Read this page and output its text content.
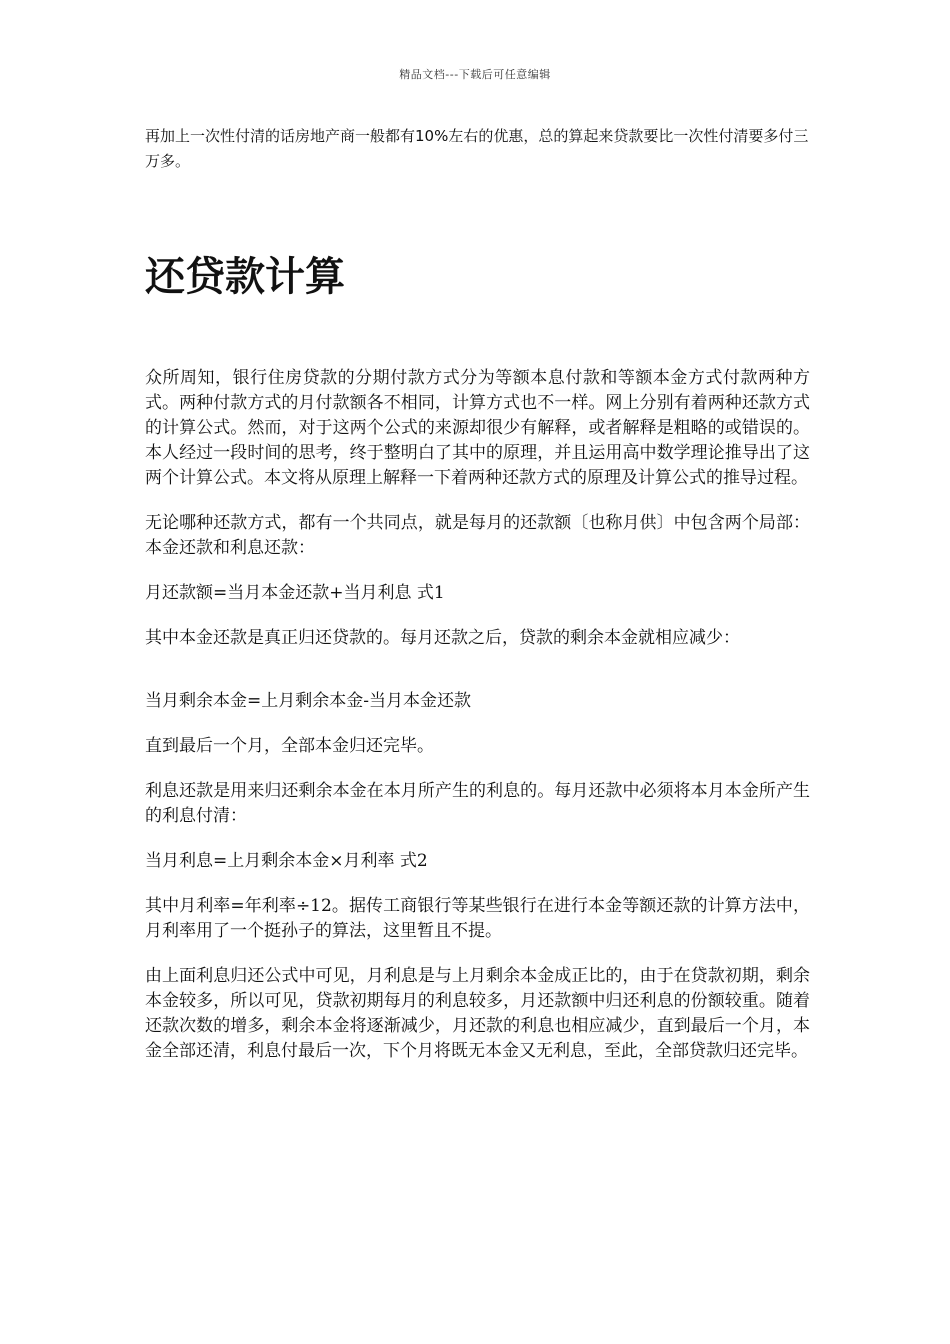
精品文档---下载后可任意编辑

再加上一次性付清的话房地产商一般都有10%左右的优惠，总的算起来贷款要比一次性付清要多付三万多。

还贷款计算

众所周知，银行住房贷款的分期付款方式分为等额本息付款和等额本金方式付款两种方式。两种付款方式的月付款额各不相同，计算方式也不一样。网上分别有着两种还款方式的计算公式。然而，对于这两个公式的来源却很少有解释，或者解释是粗略的或错误的。本人经过一段时间的思考，终于整明白了其中的原理，并且运用高中数学理论推导出了这两个计算公式。本文将从原理上解释一下着两种还款方式的原理及计算公式的推导过程。

无论哪种还款方式，都有一个共同点，就是每月的还款额〔也称月供〕中包含两个局部：本金还款和利息还款：

月还款额=当月本金还款+当月利息 式1

其中本金还款是真正归还贷款的。每月还款之后，贷款的剩余本金就相应减少：

当月剩余本金=上月剩余本金-当月本金还款

直到最后一个月，全部本金归还完毕。

利息还款是用来归还剩余本金在本月所产生的利息的。每月还款中必须将本月本金所产生的利息付清：

当月利息=上月剩余本金×月利率 式2

其中月利率=年利率÷12。据传工商银行等某些银行在进行本金等额还款的计算方法中，月利率用了一个挺孙子的算法，这里暂且不提。

由上面利息归还公式中可见，月利息是与上月剩余本金成正比的，由于在贷款初期，剩余本金较多，所以可见，贷款初期每月的利息较多，月还款额中归还利息的份额较重。随着还款次数的增多，剩余本金将逐渐减少，月还款的利息也相应减少，直到最后一个月，本金全部还清，利息付最后一次，下个月将既无本金又无利息，至此，全部贷款归还完毕。
